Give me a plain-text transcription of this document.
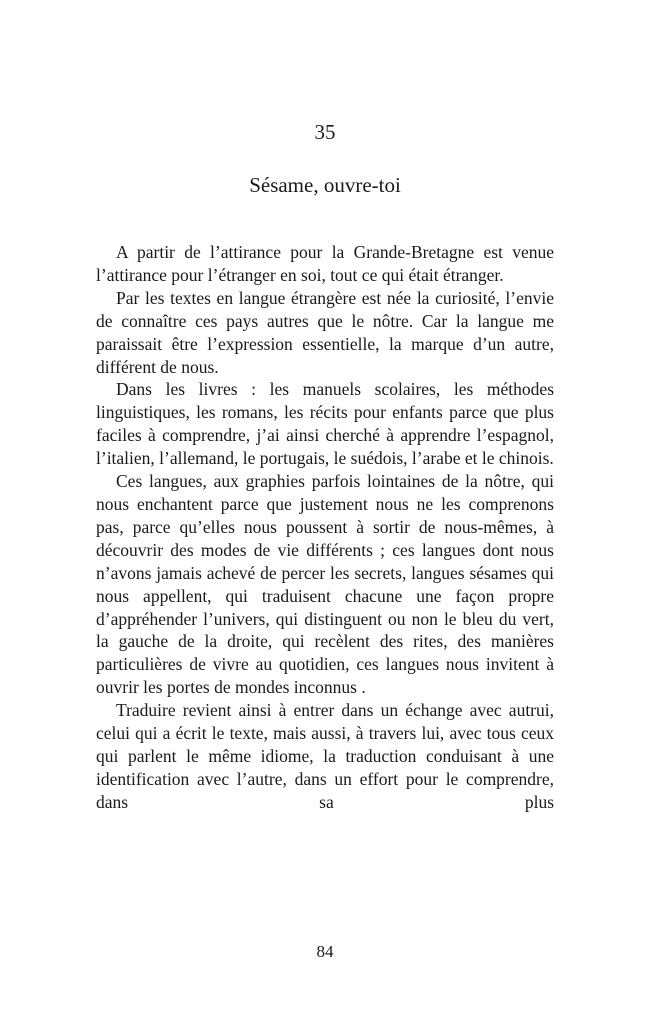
35
Sésame, ouvre-toi

A partir de l’attirance pour la Grande-Bretagne est venue l’attirance pour l’étranger en soi, tout ce qui était étranger.

Par les textes en langue étrangère est née la curiosité, l’envie de connaître ces pays autres que le nôtre. Car la langue me paraissait être l’expression essentielle, la marque d’un autre, différent de nous.

Dans les livres : les manuels scolaires, les méthodes linguistiques, les romans, les récits pour enfants parce que plus faciles à comprendre, j’ai ainsi cherché à apprendre l’espagnol, l’italien, l’allemand, le portugais, le suédois, l’arabe et le chinois.

Ces langues, aux graphies parfois lointaines de la nôtre, qui nous enchantent parce que justement nous ne les comprenons pas, parce qu’elles nous poussent à sortir de nous-mêmes, à découvrir des modes de vie différents ; ces langues dont nous n’avons jamais achevé de percer les secrets, langues sésames qui nous appellent, qui traduisent chacune une façon propre d’appréhender l’univers, qui distinguent ou non le bleu du vert, la gauche de la droite, qui recèlent des rites, des manières particulières de vivre au quotidien, ces langues nous invitent à ouvrir les portes de mondes inconnus .

Traduire revient ainsi à entrer dans un échange avec autrui, celui qui a écrit le texte, mais aussi, à travers lui, avec tous ceux qui parlent le même idiome, la traduction conduisant à une identification avec l’autre, dans un effort pour le comprendre, dans sa plus

84
